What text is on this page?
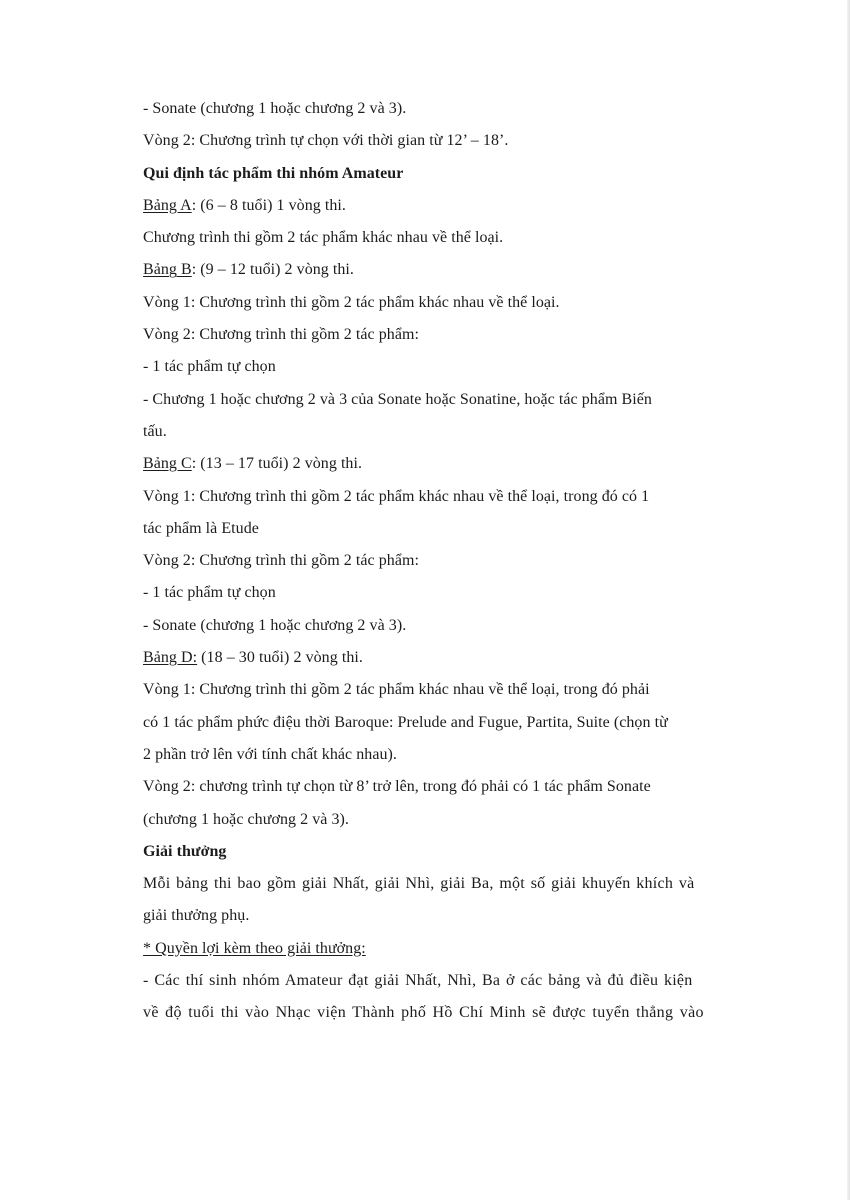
- Sonate (chương 1 hoặc chương 2 và 3).
Vòng 2: Chương trình tự chọn với thời gian từ 12’ – 18’.
Qui định tác phẩm thi nhóm Amateur
Bảng A: (6 – 8 tuổi) 1 vòng thi.
Chương trình thi gồm 2 tác phẩm khác nhau về thể loại.
Bảng B: (9 – 12 tuổi) 2 vòng thi.
Vòng 1: Chương trình thi gồm 2 tác phẩm khác nhau về thể loại.
Vòng 2: Chương trình thi gồm 2 tác phẩm:
- 1 tác phẩm tự chọn
- Chương 1 hoặc chương 2 và 3 của Sonate hoặc Sonatine, hoặc tác phẩm Biến
tấu.
Bảng C: (13 – 17 tuổi) 2 vòng thi.
Vòng 1: Chương trình thi gồm 2 tác phẩm khác nhau về thể loại, trong đó có 1
tác phẩm là Etude
Vòng 2: Chương trình thi gồm 2 tác phẩm:
- 1 tác phẩm tự chọn
- Sonate (chương 1 hoặc chương 2 và 3).
Bảng D: (18 – 30 tuổi) 2 vòng thi.
Vòng 1: Chương trình thi gồm 2 tác phẩm khác nhau về thể loại, trong đó phải
có 1 tác phẩm phức điệu thời Baroque: Prelude and Fugue, Partita, Suite (chọn từ
2 phần trở lên với tính chất khác nhau).
Vòng 2: chương trình tự chọn từ 8’ trở lên, trong đó phải có 1 tác phẩm Sonate
(chương 1 hoặc chương 2 và 3).
Giải thưởng
Mỗi bảng thi bao gồm giải Nhất, giải Nhì, giải Ba, một số giải khuyến khích và
giải thưởng phụ.
* Quyền lợi kèm theo giải thưởng:
- Các thí sinh nhóm Amateur đạt giải Nhất, Nhì, Ba ở các bảng và đủ điều kiện
về độ tuổi thi vào Nhạc viện Thành phố Hồ Chí Minh sẽ được tuyển thẳng vào
